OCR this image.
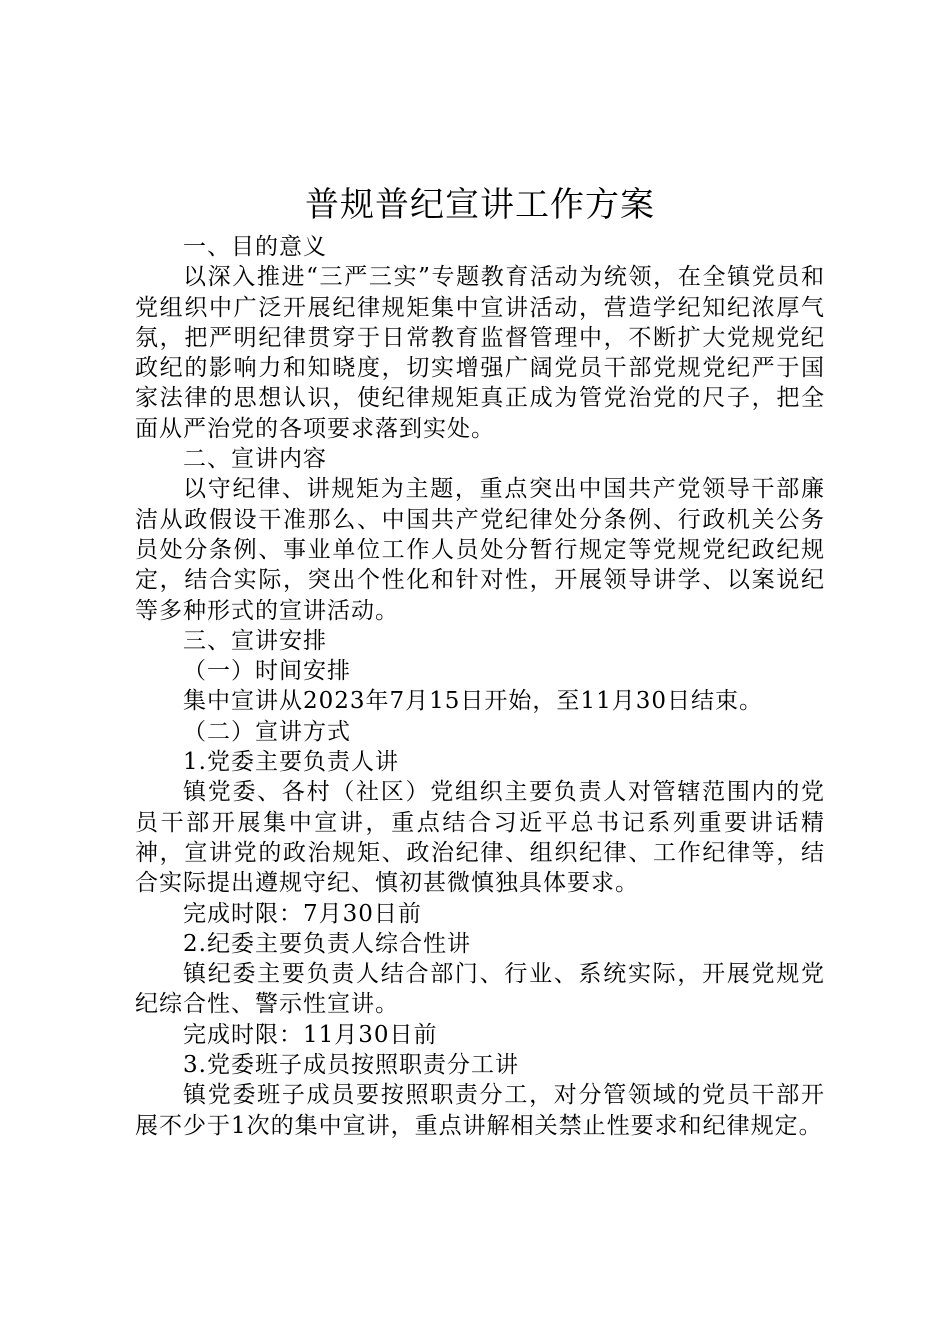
普规普纪宣讲工作方案

一、目的意义

以深入推进“三严三实”专题教育活动为统领，在全镇党员和党组织中广泛开展纪律规矩集中宣讲活动，营造学纪知纪浓厚气氛，把严明纪律贯穿于日常教育监督管理中，不断扩大党规党纪政纪的影响力和知晓度，切实增强广阔党员干部党规党纪严于国家法律的思想认识，使纪律规矩真正成为管党治党的尺子，把全面从严治党的各项要求落到实处。

二、宣讲内容

以守纪律、讲规矩为主题，重点突出中国共产党领导干部廉洁从政假设干准那么、中国共产党纪律处分条例、行政机关公务员处分条例、事业单位工作人员处分暂行规定等党规党纪政纪规定，结合实际，突出个性化和针对性，开展领导讲学、以案说纪等多种形式的宣讲活动。

三、宣讲安排

（一）时间安排

集中宣讲从2023年7月15日开始，至11月30日结束。

（二）宣讲方式

1.党委主要负责人讲

镇党委、各村（社区）党组织主要负责人对管辖范围内的党员干部开展集中宣讲，重点结合习近平总书记系列重要讲话精神，宣讲党的政治规矩、政治纪律、组织纪律、工作纪律等，结合实际提出遵规守纪、慎初甚微慎独具体要求。

完成时限：7月30日前

2.纪委主要负责人综合性讲

镇纪委主要负责人结合部门、行业、系统实际，开展党规党纪综合性、警示性宣讲。

完成时限：11月30日前

3.党委班子成员按照职责分工讲

镇党委班子成员要按照职责分工，对分管领域的党员干部开展不少于1次的集中宣讲，重点讲解相关禁止性要求和纪律规定。
